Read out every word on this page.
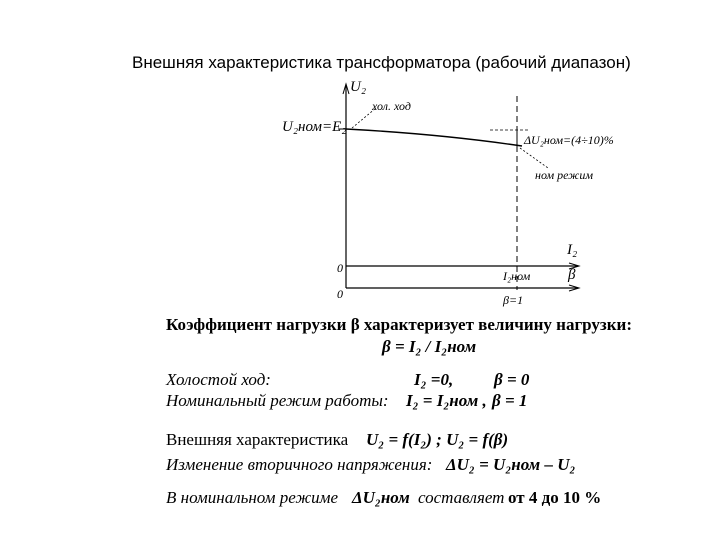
Внешняя характеристика трансформатора (рабочий диапазон)
U₂
хол. ход
U₂ном=E₂
ΔU₂ном=(4÷10)%
ном режим
I₂
0
0
I₂ном	β
β=1
Коэффициент нагрузки β характеризует величину нагрузки:
β = I₂ / I₂ном
Холостой ход:	I₂ =0, β = 0
Номинальный режим работы: I₂ = I₂ном , β = 1
Внешняя характеристика U₂ = f(I₂) ; U₂ = f(β)
Изменение вторичного напряжения: ΔU₂ = U₂ном – U₂
В номинальном режиме ΔU₂ном составляет от 4 до 10 %
